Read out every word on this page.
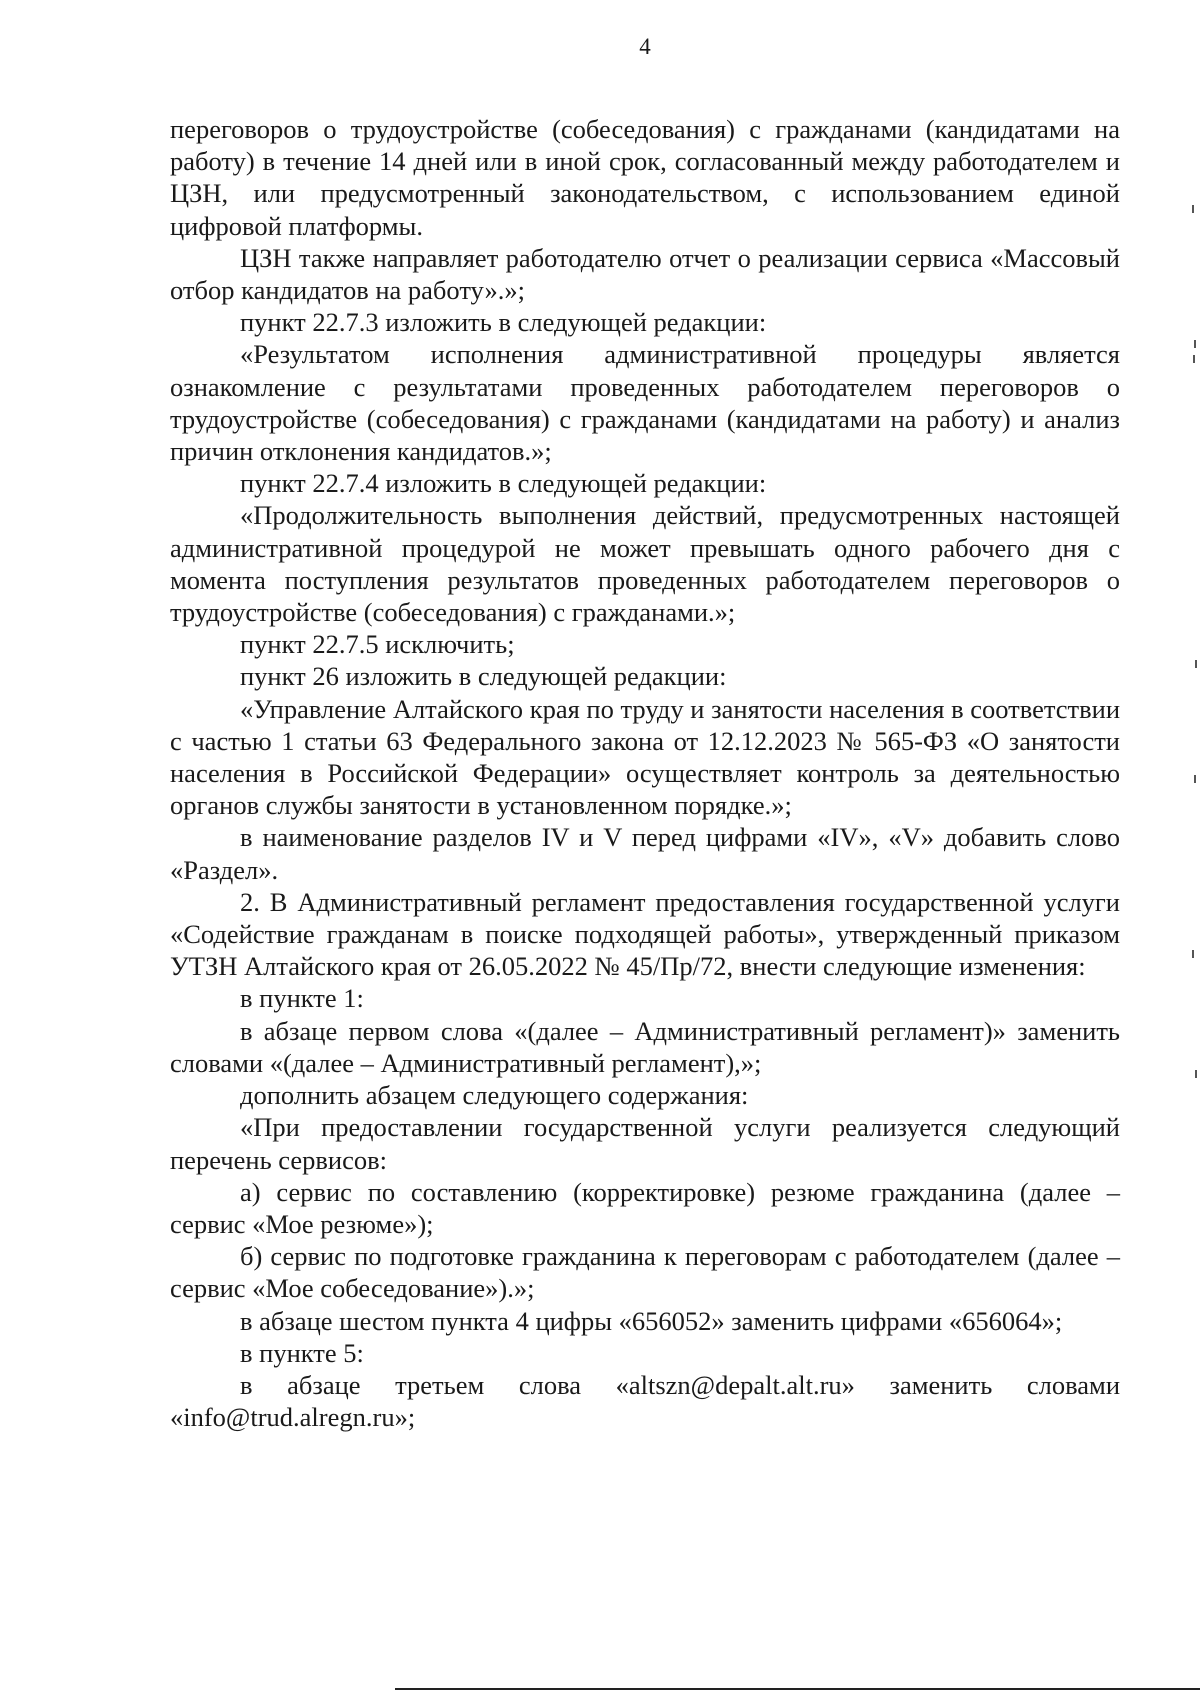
4

переговоров о трудоустройстве (собеседования) с гражданами (кандидатами на работу) в течение 14 дней или в иной срок, согласованный между работодателем и ЦЗН, или предусмотренный законодательством, с использованием единой цифровой платформы.

ЦЗН также направляет работодателю отчет о реализации сервиса «Массовый отбор кандидатов на работу».»;

пункт 22.7.3 изложить в следующей редакции:

«Результатом исполнения административной процедуры является ознакомление с результатами проведенных работодателем переговоров о трудоустройстве (собеседования) с гражданами (кандидатами на работу) и анализ причин отклонения кандидатов.»;

пункт 22.7.4 изложить в следующей редакции:

«Продолжительность выполнения действий, предусмотренных настоящей административной процедурой не может превышать одного рабочего дня с момента поступления результатов проведенных работодателем переговоров о трудоустройстве (собеседования) с гражданами.»;

пункт 22.7.5 исключить;

пункт 26 изложить в следующей редакции:

«Управление Алтайского края по труду и занятости населения в соответствии с частью 1 статьи 63 Федерального закона от 12.12.2023 № 565-ФЗ «О занятости населения в Российской Федерации» осуществляет контроль за деятельностью органов службы занятости в установленном порядке.»;

в наименование разделов IV и V перед цифрами «IV», «V» добавить слово «Раздел».

2. В Административный регламент предоставления государственной услуги «Содействие гражданам в поиске подходящей работы», утвержденный приказом УТЗН Алтайского края от 26.05.2022 № 45/Пр/72, внести следующие изменения:

в пункте 1:

в абзаце первом слова «(далее – Административный регламент)» заменить словами «(далее – Административный регламент),»;

дополнить абзацем следующего содержания:

«При предоставлении государственной услуги реализуется следующий перечень сервисов:

а) сервис по составлению (корректировке) резюме гражданина (далее – сервис «Мое резюме»);

б) сервис по подготовке гражданина к переговорам с работодателем (далее – сервис «Мое собеседование»).»;

в абзаце шестом пункта 4 цифры «656052» заменить цифрами «656064»;

в пункте 5:

в абзаце третьем слова «altszn@depalt.alt.ru» заменить словами «info@trud.alregn.ru»;
